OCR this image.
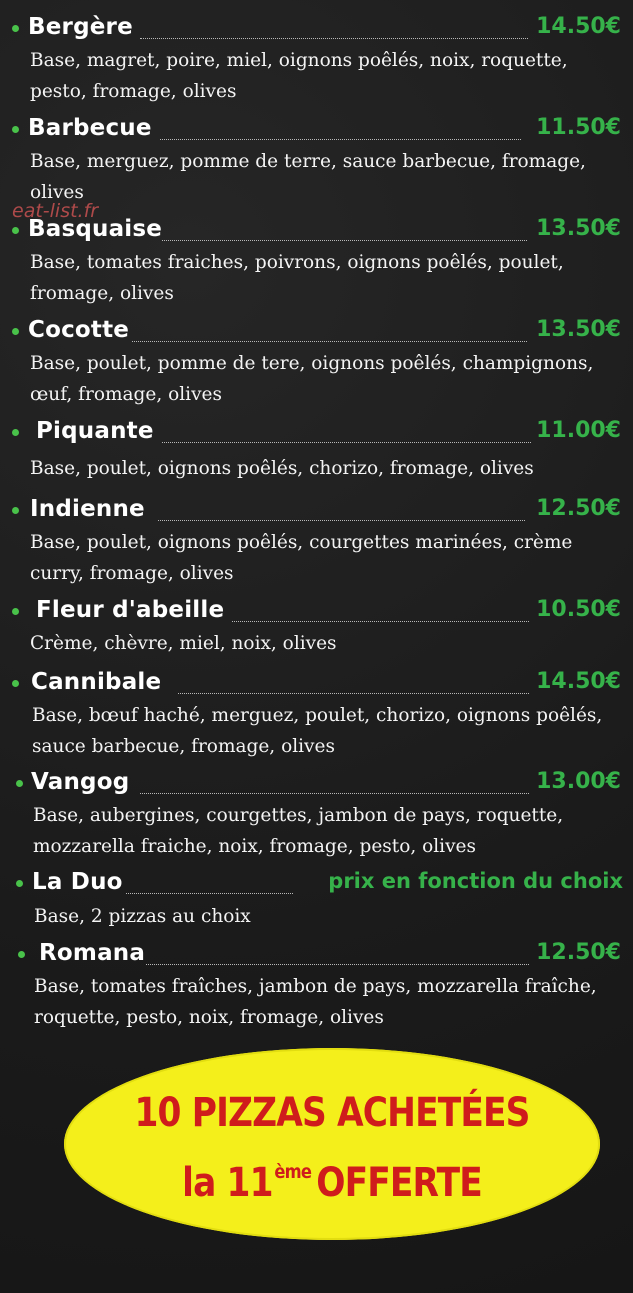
Bergère	14.50€
Base, magret, poire, miel, oignons poêlés, noix, roquette, pesto, fromage, olives
Barbecue	11.50€
Base, merguez, pomme de terre, sauce barbecue, fromage, olives
Basquaise	13.50€
Base, tomates fraiches, poivrons, oignons poêlés, poulet, fromage, olives
Cocotte	13.50€
Base, poulet, pomme de tere, oignons poêlés, champignons, œuf, fromage, olives
Piquante	11.00€
Base, poulet, oignons poêlés, chorizo, fromage, olives
Indienne	12.50€
Base, poulet, oignons poêlés, courgettes marinées, crème curry, fromage, olives
Fleur d'abeille	10.50€
Crème, chèvre, miel, noix, olives
Cannibale	14.50€
Base, bœuf haché, merguez, poulet, chorizo, oignons poêlés, sauce barbecue, fromage, olives
Vangog	13.00€
Base, aubergines, courgettes, jambon de pays, roquette, mozzarella fraiche, noix, fromage, pesto, olives
La Duo	prix en fonction du choix
Base, 2 pizzas au choix
Romana	12.50€
Base, tomates fraîches, jambon de pays, mozzarella fraîche, roquette, pesto, noix, fromage, olives
eat-list.fr
10 PIZZAS ACHETÉES
la 11ème OFFERTE
